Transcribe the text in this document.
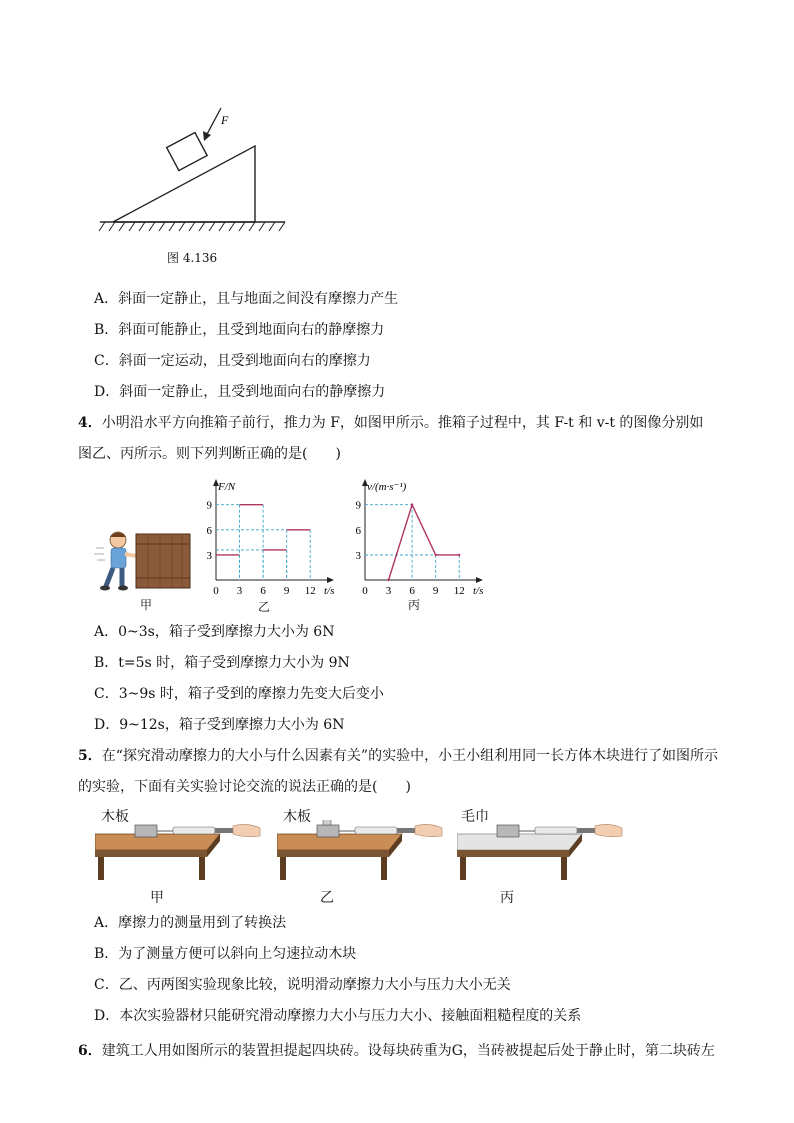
F
图 4.136
A．斜面一定静止，且与地面之间没有摩擦力产生
B．斜面可能静止，且受到地面向右的静摩擦力
C．斜面一定运动，且受到地面向右的摩擦力
D．斜面一定静止，且受到地面向右的静摩擦力
4．小明沿水平方向推箱子前行，推力为 F，如图甲所示。推箱子过程中，其 F-t 和 v-t 的图像分别如
图乙、丙所示。则下列判断正确的是(　　)
甲
t/s
F/N
0 3 6 9 12
3
6
9
乙
t/s
v/(m·s⁻¹)
0 3 6 9 12
3
6
9
丙
A．0~3s，箱子受到摩擦力大小为 6N
B．t=5s 时，箱子受到摩擦力大小为 9N
C．3~9s 时，箱子受到的摩擦力先变大后变小
D．9~12s，箱子受到摩擦力大小为 6N
5．在“探究滑动摩擦力的大小与什么因素有关”的实验中，小王小组利用同一长方体木块进行了如图所示
的实验，下面有关实验讨论交流的说法正确的是(　　)
木板
甲
木板
乙
毛巾
丙
A．摩擦力的测量用到了转换法
B．为了测量方便可以斜向上匀速拉动木块
C．乙、丙两图实验现象比较，说明滑动摩擦力大小与压力大小无关
D．本次实验器材只能研究滑动摩擦力大小与压力大小、接触面粗糙程度的关系
6．建筑工人用如图所示的装置担提起四块砖。设每块砖重为G，当砖被提起后处于静止时，第二块砖左
